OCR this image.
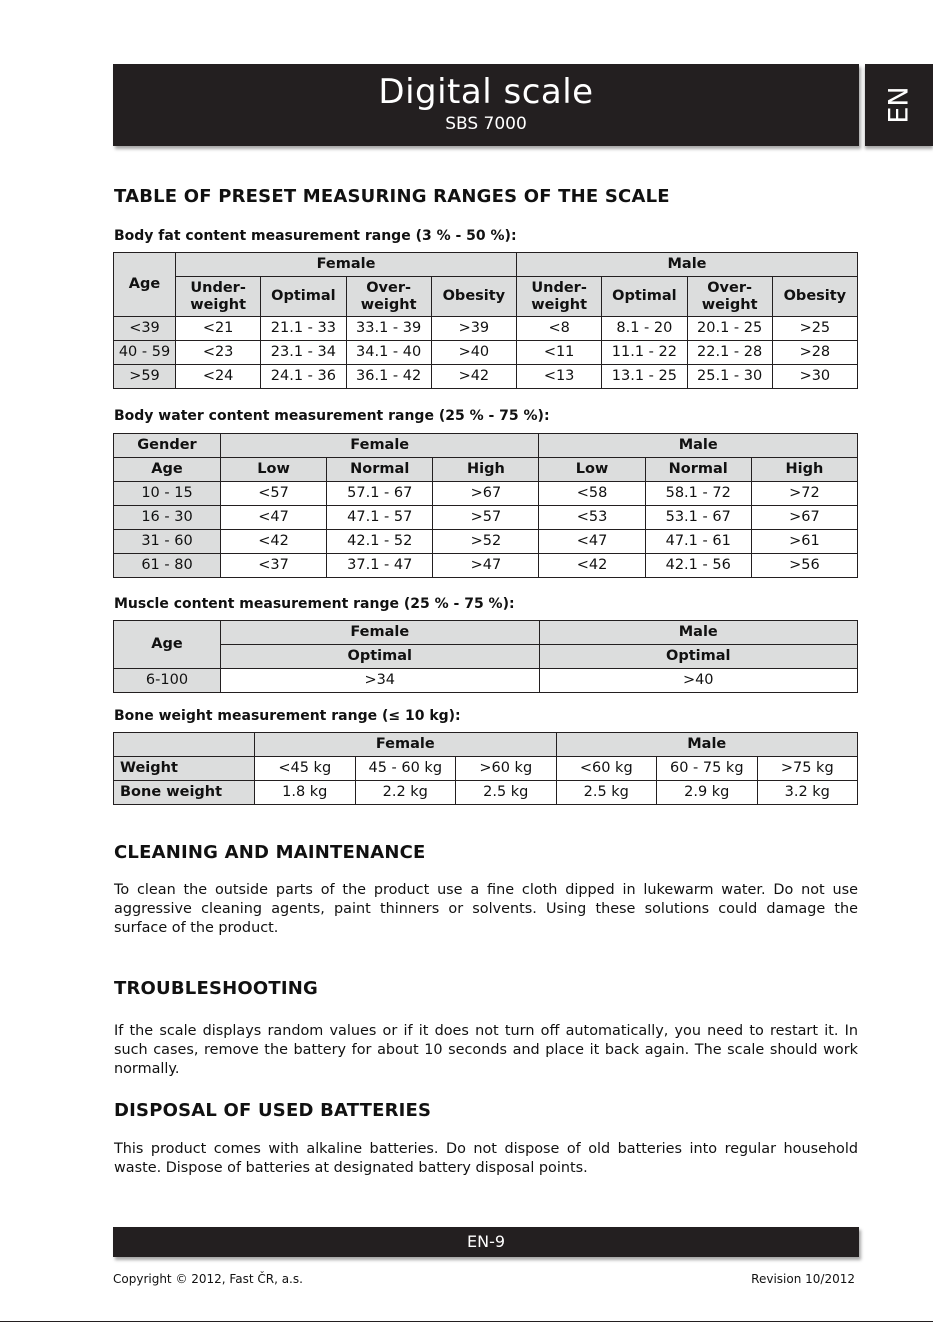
Digital scale
SBS 7000
EN
TABLE OF PRESET MEASURING RANGES OF THE SCALE

Body fat content measurement range (3 % - 50 %):

Age	Female				Male			
	Under-weight	Optimal	Over-weight	Obesity	Under-weight	Optimal	Over-weight	Obesity
<39	<21	21.1 - 33	33.1 - 39	>39	<8	8.1 - 20	20.1 - 25	>25
40 - 59	<23	23.1 - 34	34.1 - 40	>40	<11	11.1 - 22	22.1 - 28	>28
>59	<24	24.1 - 36	36.1 - 42	>42	<13	13.1 - 25	25.1 - 30	>30

Body water content measurement range (25 % - 75 %):

Gender	Female			Male		
Age	Low	Normal	High	Low	Normal	High
10 - 15	<57	57.1 - 67	>67	<58	58.1 - 72	>72
16 - 30	<47	47.1 - 57	>57	<53	53.1 - 67	>67
31 - 60	<42	42.1 - 52	>52	<47	47.1 - 61	>61
61 - 80	<37	37.1 - 47	>47	<42	42.1 - 56	>56

Muscle content measurement range (25 % - 75 %):

Age	Female	Male
	Optimal	Optimal
6-100	>34	>40

Bone weight measurement range (≤ 10 kg):

	Female			Male		
Weight	<45 kg	45 - 60 kg	>60 kg	<60 kg	60 - 75 kg	>75 kg
Bone weight	1.8 kg	2.2 kg	2.5 kg	2.5 kg	2.9 kg	3.2 kg
CLEANING AND MAINTENANCE

To clean the outside parts of the product use a fine cloth dipped in lukewarm water. Do not use aggressive cleaning agents, paint thinners or solvents. Using these solutions could damage the surface of the product.

TROUBLESHOOTING

If the scale displays random values or if it does not turn off automatically, you need to restart it. In such cases, remove the battery for about 10 seconds and place it back again. The scale should work normally.

DISPOSAL OF USED BATTERIES

This product comes with alkaline batteries. Do not dispose of old batteries into regular household waste. Dispose of batteries at designated battery disposal points.

EN-9
Copyright © 2012, Fast ČR, a.s.	Revision 10/2012
